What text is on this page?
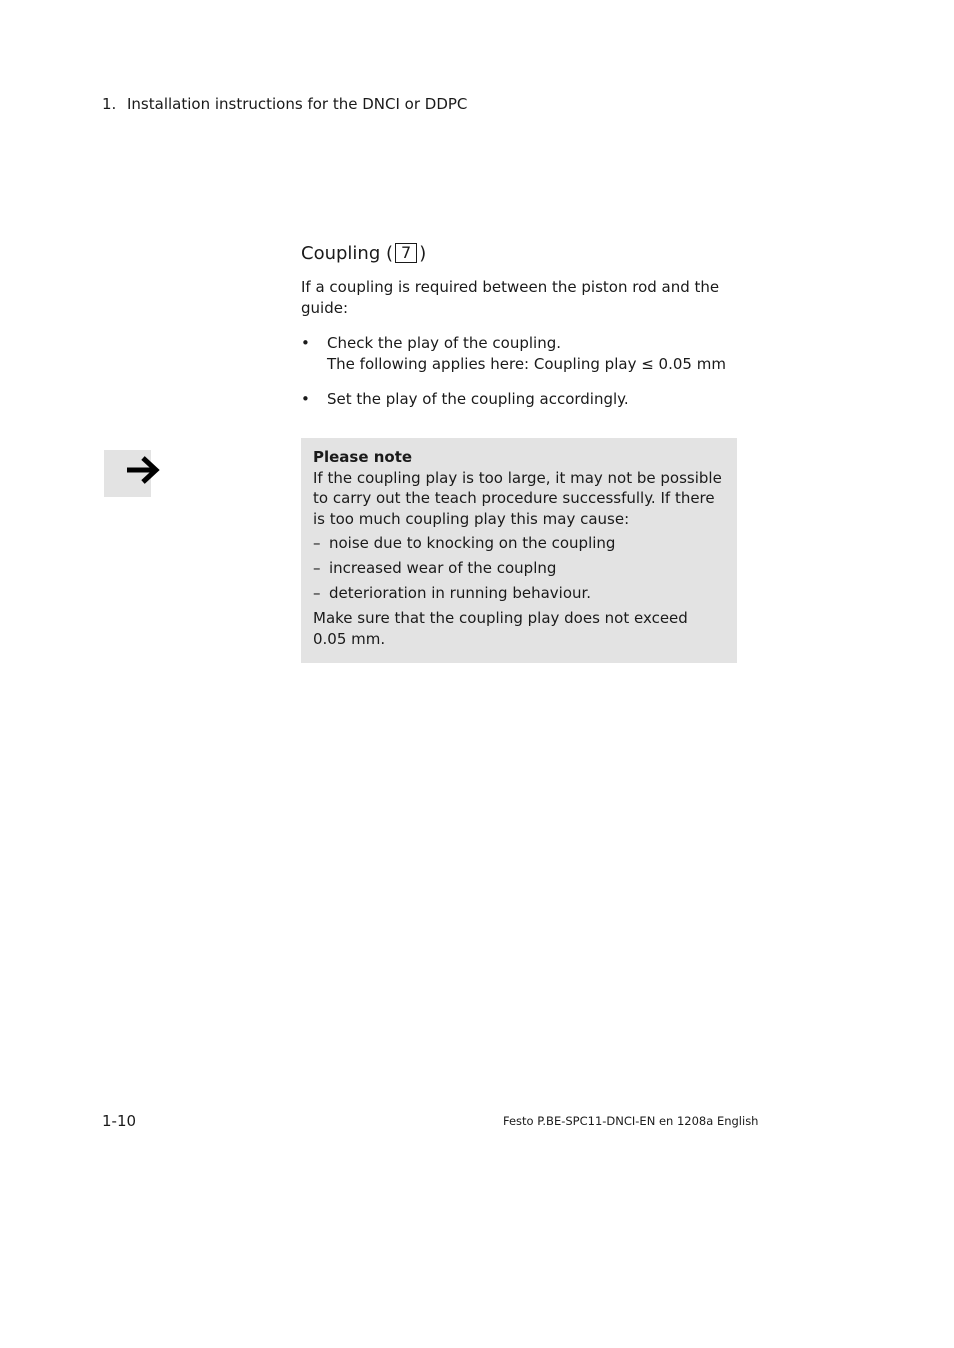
1. Installation instructions for the DNCI or DDPC
Coupling ( 7 )
If a coupling is required between the piston rod and the guide:
• Check the play of the coupling.
The following applies here: Coupling play ≤ 0.05 mm
• Set the play of the coupling accordingly.
Please note
If the coupling play is too large, it may not be possible to carry out the teach procedure successfully. If there is too much coupling play this may cause:
– noise due to knocking on the coupling
– increased wear of the couplng
– deterioration in running behaviour.
Make sure that the coupling play does not exceed 0.05 mm.
1-10	Festo P.BE-SPC11-DNCI-EN en 1208a English
